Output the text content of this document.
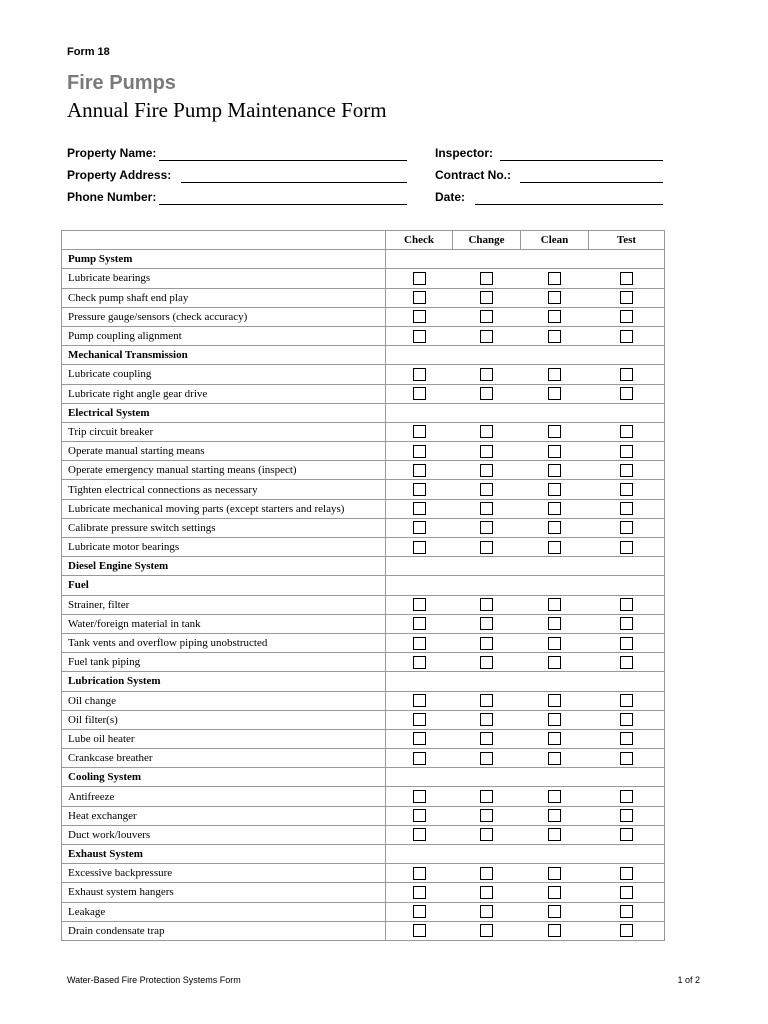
Form 18
Fire Pumps
Annual Fire Pump Maintenance Form
Property Name:
Property Address:
Phone Number:
Inspector:
Contract No.:
Date:
	Check	Change	Clean	Test
Pump System				
Lubricate bearings				
Check pump shaft end play				
Pressure gauge/sensors (check accuracy)				
Pump coupling alignment				
Mechanical Transmission				
Lubricate coupling				
Lubricate right angle gear drive				
Electrical System				
Trip circuit breaker				
Operate manual starting means				
Operate emergency manual starting means (inspect)				
Tighten electrical connections as necessary				
Lubricate mechanical moving parts (except starters and relays)				
Calibrate pressure switch settings				
Lubricate motor bearings				
Diesel Engine System				
Fuel				
Strainer, filter				
Water/foreign material in tank				
Tank vents and overflow piping unobstructed				
Fuel tank piping				
Lubrication System				
Oil change				
Oil filter(s)				
Lube oil heater				
Crankcase breather				
Cooling System				
Antifreeze				
Heat exchanger				
Duct work/louvers				
Exhaust System				
Excessive backpressure				
Exhaust system hangers				
Leakage				
Drain condensate trap				
Water-Based Fire Protection Systems Form	1 of 2
